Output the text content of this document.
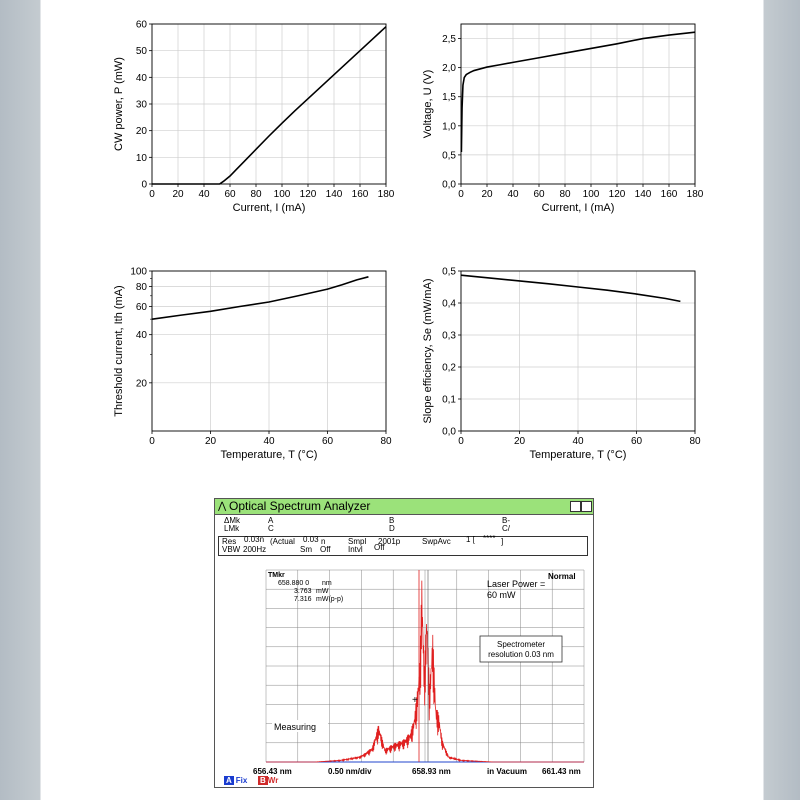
0 20 40 60 80 100 120 140 160 180
0
10
20
30
40
50
60
Current, I (mA)
CW power, P (mW)
0 20 40 60 80 100 120 140 160 180
0,0
0,5
1,0
1,5
2,0
2,5
Current, I (mA)
Voltage, U (V)
0	20	40	60	80
20
40
60
80
100
Temperature, T (°C)
Threshold current, Ith (mA)
0	20	40	60	80
0,0
0,1
0,2
0,3
0,4
0,5
Temperature, T (°C)
Slope efficiency, Se (mW/mA)
⋀ Optical Spectrum Analyzer
ΔMk
LMk
A
C
B
D
B-
C/
Res 0.03n (Actual 0.03 n	Smpl 2001p	SwpAvc 1 [ **** ]
VBW 200Hz	Sm Off Intvl Off
+
TMkr
658.880 0 nm
3.763 mW
7.316 mW(p-p)
Normal
Laser Power =
60 mW
Spectrometer
resolution 0.03 nm
Measuring
656.43 nm	0.50 nm/div	658.93 nm	in Vacuum 661.43 nm
A Fix B Wr
